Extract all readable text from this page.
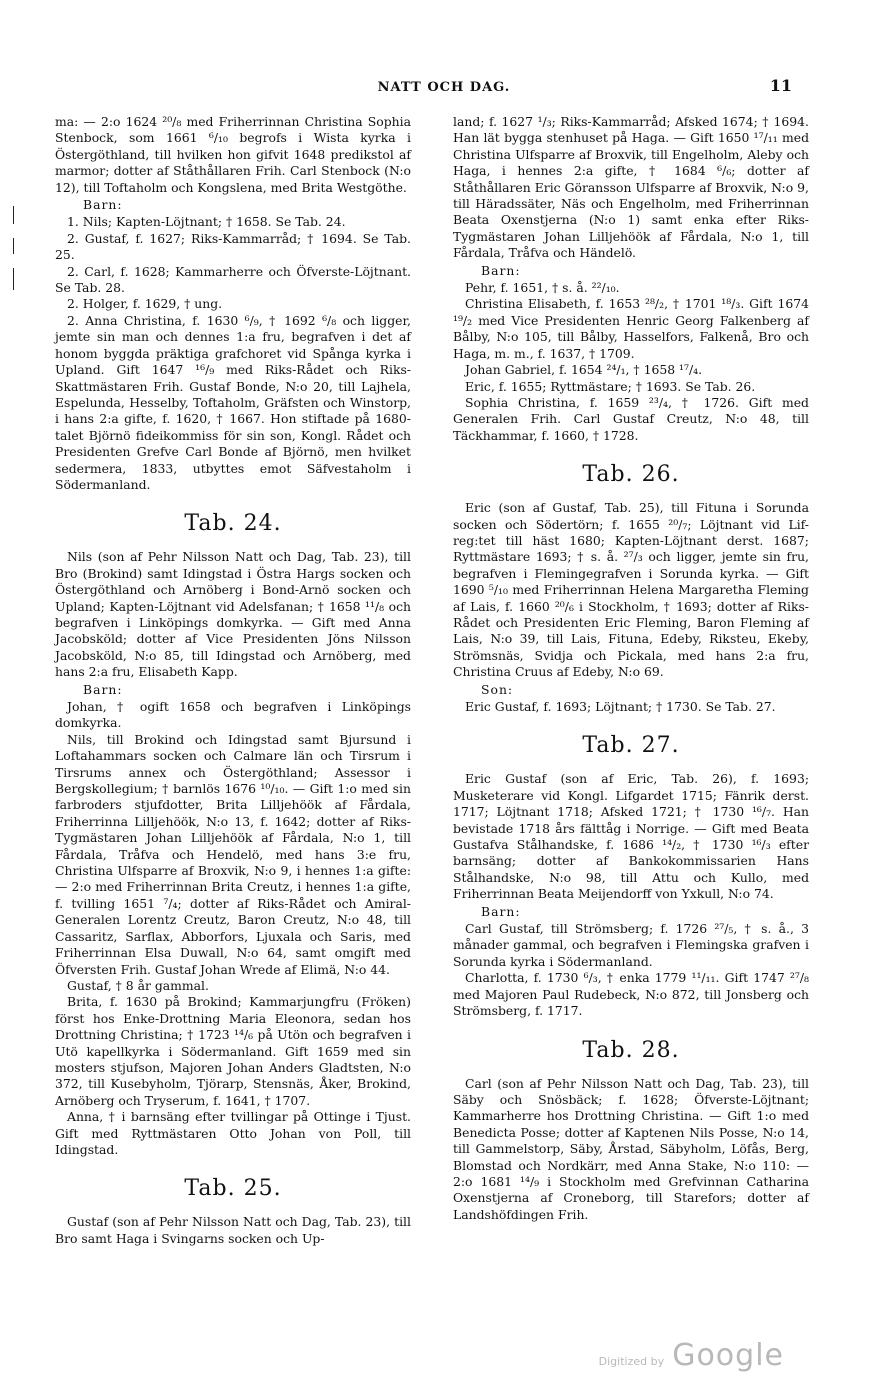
NATT OCH DAG.	11

ma: — 2:o 1624 ²⁰/₈ med Friherrinnan Christina Sophia Stenbock, som 1661 ⁶/₁₀ begrofs i Wista kyrka i Östergöthland, till hvilken hon gifvit 1648 predikstol af marmor; dotter af Ståthållaren Frih. Carl Stenbock (N:o 12), till Toftaholm och Kongslena, med Brita Westgöthe.

Barn:

1. Nils; Kapten-Löjtnant; † 1658. Se Tab. 24.

2. Gustaf, f. 1627; Riks-Kammarråd; † 1694. Se Tab. 25.

2. Carl, f. 1628; Kammarherre och Öfverste-Löjtnant. Se Tab. 28.

2. Holger, f. 1629, † ung.

2. Anna Christina, f. 1630 ⁶/₉, † 1692 ⁶/₈ och ligger, jemte sin man och dennes 1:a fru, begrafven i det af honom byggda präktiga grafchoret vid Spånga kyrka i Upland. Gift 1647 ¹⁶/₉ med Riks-Rådet och Riks-Skattmästaren Frih. Gustaf Bonde, N:o 20, till Lajhela, Espelunda, Hesselby, Toftaholm, Gräfsten och Winstorp, i hans 2:a gifte, f. 1620, † 1667. Hon stiftade på 1680-talet Björnö fideikommiss för sin son, Kongl. Rådet och Presidenten Grefve Carl Bonde af Björnö, men hvilket sedermera, 1833, utbyttes emot Säfvestaholm i Södermanland.

Tab. 24.

Nils (son af Pehr Nilsson Natt och Dag, Tab. 23), till Bro (Brokind) samt Idingstad i Östra Hargs socken och Östergöthland och Arnöberg i Bond-Arnö socken och Upland; Kapten-Löjtnant vid Adelsfanan; † 1658 ¹¹/₈ och begrafven i Linköpings domkyrka. — Gift med Anna Jacobsköld; dotter af Vice Presidenten Jöns Nilsson Jacobsköld, N:o 85, till Idingstad och Arnöberg, med hans 2:a fru, Elisabeth Kapp.

Barn:

Johan, † ogift 1658 och begrafven i Linköpings domkyrka.

Nils, till Brokind och Idingstad samt Bjursund i Loftahammars socken och Calmare län och Tirsrum i Tirsrums annex och Östergöthland; Assessor i Bergskollegium; † barnlös 1676 ¹⁰/₁₀. — Gift 1:o med sin farbroders stjufdotter, Brita Lilljehöök af Fårdala, Friherrinna Lilljehöök, N:o 13, f. 1642; dotter af Riks-Tygmästaren Johan Lilljehöök af Fårdala, N:o 1, till Fårdala, Tråfva och Hendelö, med hans 3:e fru, Christina Ulfsparre af Broxvik, N:o 9, i hennes 1:a gifte: — 2:o med Friherrinnan Brita Creutz, i hennes 1:a gifte, f. tvilling 1651 ⁷/₄; dotter af Riks-Rådet och Amiral-Generalen Lorentz Creutz, Baron Creutz, N:o 48, till Cassaritz, Sarflax, Abborfors, Ljuxala och Saris, med Friherrinnan Elsa Duwall, N:o 64, samt omgift med Öfversten Frih. Gustaf Johan Wrede af Elimä, N:o 44.

Gustaf, † 8 år gammal.

Brita, f. 1630 på Brokind; Kammarjungfru (Fröken) först hos Enke-Drottning Maria Eleonora, sedan hos Drottning Christina; † 1723 ¹⁴/₆ på Utön och begrafven i Utö kapellkyrka i Södermanland. Gift 1659 med sin mosters stjufson, Majoren Johan Anders Gladtsten, N:o 372, till Kusebyholm, Tjörarp, Stensnäs, Åker, Brokind, Arnöberg och Tryserum, f. 1641, † 1707.

Anna, † i barnsäng efter tvillingar på Ottinge i Tjust. Gift med Ryttmästaren Otto Johan von Poll, till Idingstad.

Tab. 25.

Gustaf (son af Pehr Nilsson Natt och Dag, Tab. 23), till Bro samt Haga i Svingarns socken och Up-

land; f. 1627 ¹/₃; Riks-Kammarråd; Afsked 1674; † 1694. Han lät bygga stenhuset på Haga. — Gift 1650 ¹⁷/₁₁ med Christina Ulfsparre af Broxvik, till Engelholm, Aleby och Haga, i hennes 2:a gifte, † 1684 ⁶/₆; dotter af Ståthållaren Eric Göransson Ulfsparre af Broxvik, N:o 9, till Häradssäter, Näs och Engelholm, med Friherrinnan Beata Oxenstjerna (N:o 1) samt enka efter Riks-Tygmästaren Johan Lilljehöök af Fårdala, N:o 1, till Fårdala, Tråfva och Händelö.

Barn:

Pehr, f. 1651, † s. å. ²²/₁₀.

Christina Elisabeth, f. 1653 ²⁸/₂, † 1701 ¹⁸/₃. Gift 1674 ¹⁹/₂ med Vice Presidenten Henric Georg Falkenberg af Bålby, N:o 105, till Bålby, Hasselfors, Falkenå, Bro och Haga, m. m., f. 1637, † 1709.

Johan Gabriel, f. 1654 ²⁴/₁, † 1658 ¹⁷/₄.

Eric, f. 1655; Ryttmästare; † 1693. Se Tab. 26.

Sophia Christina, f. 1659 ²³/₄, † 1726. Gift med Generalen Frih. Carl Gustaf Creutz, N:o 48, till Täckhammar, f. 1660, † 1728.

Tab. 26.

Eric (son af Gustaf, Tab. 25), till Fituna i Sorunda socken och Södertörn; f. 1655 ²⁰/₇; Löjtnant vid Lif-reg:tet till häst 1680; Kapten-Löjtnant derst. 1687; Ryttmästare 1693; † s. å. ²⁷/₃ och ligger, jemte sin fru, begrafven i Flemingegrafven i Sorunda kyrka. — Gift 1690 ⁵/₁₀ med Friherrinnan Helena Margaretha Fleming af Lais, f. 1660 ²⁰/₆ i Stockholm, † 1693; dotter af Riks-Rådet och Presidenten Eric Fleming, Baron Fleming af Lais, N:o 39, till Lais, Fituna, Edeby, Riksteu, Ekeby, Strömsnäs, Svidja och Pickala, med hans 2:a fru, Christina Cruus af Edeby, N:o 69.

Son:

Eric Gustaf, f. 1693; Löjtnant; † 1730. Se Tab. 27.

Tab. 27.

Eric Gustaf (son af Eric, Tab. 26), f. 1693; Musketerare vid Kongl. Lifgardet 1715; Fänrik derst. 1717; Löjtnant 1718; Afsked 1721; † 1730 ¹⁶/₇. Han bevistade 1718 års fälttåg i Norrige. — Gift med Beata Gustafva Stålhandske, f. 1686 ¹⁴/₂, † 1730 ¹⁶/₃ efter barnsäng; dotter af Bankokommissarien Hans Stålhandske, N:o 98, till Attu och Kullo, med Friherrinnan Beata Meijendorff von Yxkull, N:o 74.

Barn:

Carl Gustaf, till Strömsberg; f. 1726 ²⁷/₅, † s. å., 3 månader gammal, och begrafven i Flemingska grafven i Sorunda kyrka i Södermanland.

Charlotta, f. 1730 ⁶/₃, † enka 1779 ¹¹/₁₁. Gift 1747 ²⁷/₈ med Majoren Paul Rudebeck, N:o 872, till Jonsberg och Strömsberg, f. 1717.

Tab. 28.

Carl (son af Pehr Nilsson Natt och Dag, Tab. 23), till Säby och Snösbäck; f. 1628; Öfverste-Löjtnant; Kammarherre hos Drottning Christina. — Gift 1:o med Benedicta Posse; dotter af Kaptenen Nils Posse, N:o 14, till Gammelstorp, Säby, Årstad, Säbyholm, Löfås, Berg, Blomstad och Nordkärr, med Anna Stake, N:o 110: — 2:o 1681 ¹⁴/₉ i Stockholm med Grefvinnan Catharina Oxenstjerna af Croneborg, till Starefors; dotter af Landshöfdingen Frih.

Digitized by Google
